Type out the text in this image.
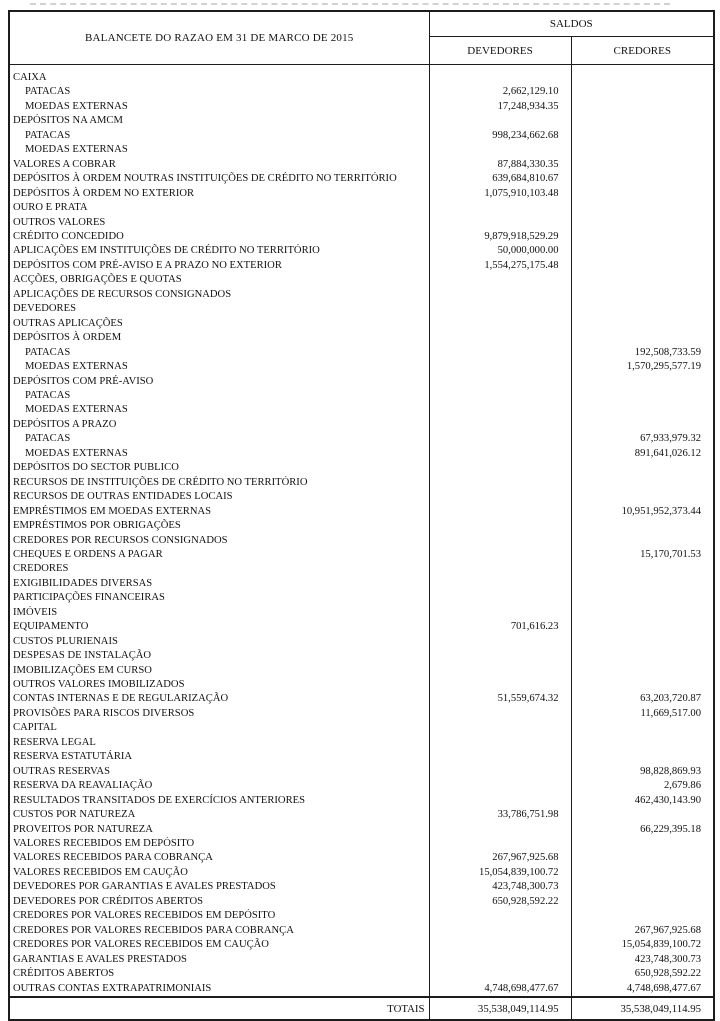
BALANCETE DO RAZAO EM 31 DE MARCO DE 2015	SALDOS	
	DEVEDORES	CREDORES
CAIXA		
PATACAS	2,662,129.10	
MOEDAS EXTERNAS	17,248,934.35	
DEPÓSITOS NA AMCM		
PATACAS	998,234,662.68	
MOEDAS EXTERNAS		
VALORES A COBRAR	87,884,330.35	
DEPÓSITOS À ORDEM NOUTRAS INSTITUIÇÕES DE CRÉDITO NO TERRITÓRIO	639,684,810.67	
DEPÓSITOS À ORDEM NO EXTERIOR	1,075,910,103.48	
OURO E PRATA		
OUTROS VALORES		
CRÉDITO CONCEDIDO	9,879,918,529.29	
APLICAÇÕES EM INSTITUIÇÕES DE CRÉDITO NO TERRITÓRIO	50,000,000.00	
DEPÓSITOS COM PRÉ-AVISO E A PRAZO NO EXTERIOR	1,554,275,175.48	
ACÇÕES, OBRIGAÇÕES E QUOTAS		
APLICAÇÕES DE RECURSOS CONSIGNADOS		
DEVEDORES		
OUTRAS APLICAÇÕES		
DEPÓSITOS À ORDEM		
PATACAS		192,508,733.59
MOEDAS EXTERNAS		1,570,295,577.19
DEPÓSITOS COM PRÉ-AVISO		
PATACAS		
MOEDAS EXTERNAS		
DEPÓSITOS A PRAZO		
PATACAS		67,933,979.32
MOEDAS EXTERNAS		891,641,026.12
DEPÓSITOS DO SECTOR PUBLICO		
RECURSOS DE INSTITUIÇÕES DE CRÉDITO NO TERRITÓRIO		
RECURSOS DE OUTRAS ENTIDADES LOCAIS		
EMPRÉSTIMOS EM MOEDAS EXTERNAS		10,951,952,373.44
EMPRÉSTIMOS POR OBRIGAÇÕES		
CREDORES POR RECURSOS CONSIGNADOS		
CHEQUES E ORDENS A PAGAR		15,170,701.53
CREDORES		
EXIGIBILIDADES DIVERSAS		
PARTICIPAÇÕES FINANCEIRAS		
IMÓVEIS		
EQUIPAMENTO	701,616.23	
CUSTOS PLURIENAIS		
DESPESAS DE INSTALAÇÃO		
IMOBILIZAÇÕES EM CURSO		
OUTROS VALORES IMOBILIZADOS		
CONTAS INTERNAS E DE REGULARIZAÇÃO	51,559,674.32	63,203,720.87
PROVISÕES PARA RISCOS DIVERSOS		11,669,517.00
CAPITAL		
RESERVA LEGAL		
RESERVA ESTATUTÁRIA		
OUTRAS RESERVAS		98,828,869.93
RESERVA DA REAVALIAÇÃO		2,679.86
RESULTADOS TRANSITADOS DE EXERCÍCIOS ANTERIORES		462,430,143.90
CUSTOS POR NATUREZA	33,786,751.98	
PROVEITOS POR NATUREZA		66,229,395.18
VALORES RECEBIDOS EM DEPÓSITO		
VALORES RECEBIDOS PARA COBRANÇA	267,967,925.68	
VALORES RECEBIDOS EM CAUÇÃO	15,054,839,100.72	
DEVEDORES POR GARANTIAS E AVALES PRESTADOS	423,748,300.73	
DEVEDORES POR CRÉDITOS ABERTOS	650,928,592.22	
CREDORES POR VALORES RECEBIDOS EM DEPÓSITO		
CREDORES POR VALORES RECEBIDOS PARA COBRANÇA		267,967,925.68
CREDORES POR VALORES RECEBIDOS EM CAUÇÃO		15,054,839,100.72
GARANTIAS E AVALES PRESTADOS		423,748,300.73
CRÉDITOS ABERTOS		650,928,592.22
OUTRAS CONTAS EXTRAPATRIMONIAIS	4,748,698,477.67	4,748,698,477.67
TOTAIS	35,538,049,114.95	35,538,049,114.95
